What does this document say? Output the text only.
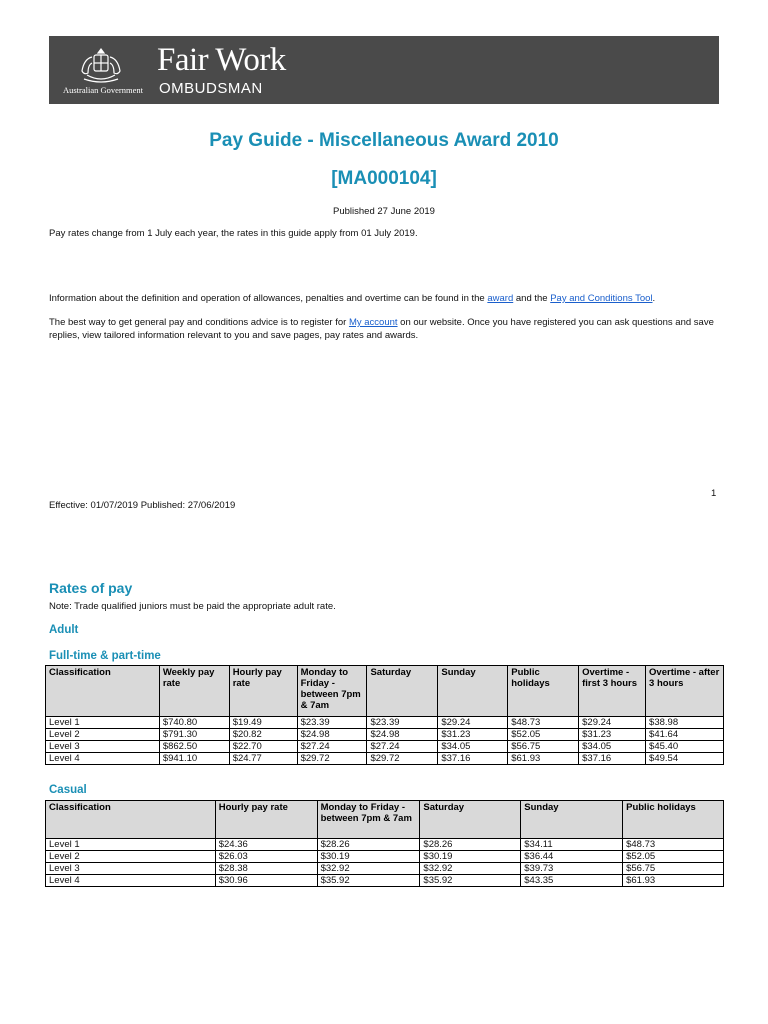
Australian Government
Fair Work
OMBUDSMAN
Pay Guide - Miscellaneous Award 2010
[MA000104]
Published 27 June 2019
Pay rates change from 1 July each year, the rates in this guide apply from 01 July 2019.
Information about the definition and operation of allowances, penalties and overtime can be found in the award and the Pay and Conditions Tool.
The best way to get general pay and conditions advice is to register for My account on our website. Once you have registered you can ask questions and save replies, view tailored information relevant to you and save pages, pay rates and awards.
1
Effective: 01/07/2019 Published: 27/06/2019
Rates of pay
Note: Trade qualified juniors must be paid the appropriate adult rate.
Adult
Full-time & part-time
Classification	Weekly pay rate	Hourly pay rate	Monday to Friday - between 7pm & 7am	Saturday	Sunday	Public holidays	Overtime - first 3 hours	Overtime - after 3 hours
Level 1	$740.80	$19.49	$23.39	$23.39	$29.24	$48.73	$29.24	$38.98
Level 2	$791.30	$20.82	$24.98	$24.98	$31.23	$52.05	$31.23	$41.64
Level 3	$862.50	$22.70	$27.24	$27.24	$34.05	$56.75	$34.05	$45.40
Level 4	$941.10	$24.77	$29.72	$29.72	$37.16	$61.93	$37.16	$49.54
Casual
Classification	Hourly pay rate	Monday to Friday - between 7pm & 7am	Saturday	Sunday	Public holidays
Level 1	$24.36	$28.26	$28.26	$34.11	$48.73
Level 2	$26.03	$30.19	$30.19	$36.44	$52.05
Level 3	$28.38	$32.92	$32.92	$39.73	$56.75
Level 4	$30.96	$35.92	$35.92	$43.35	$61.93
